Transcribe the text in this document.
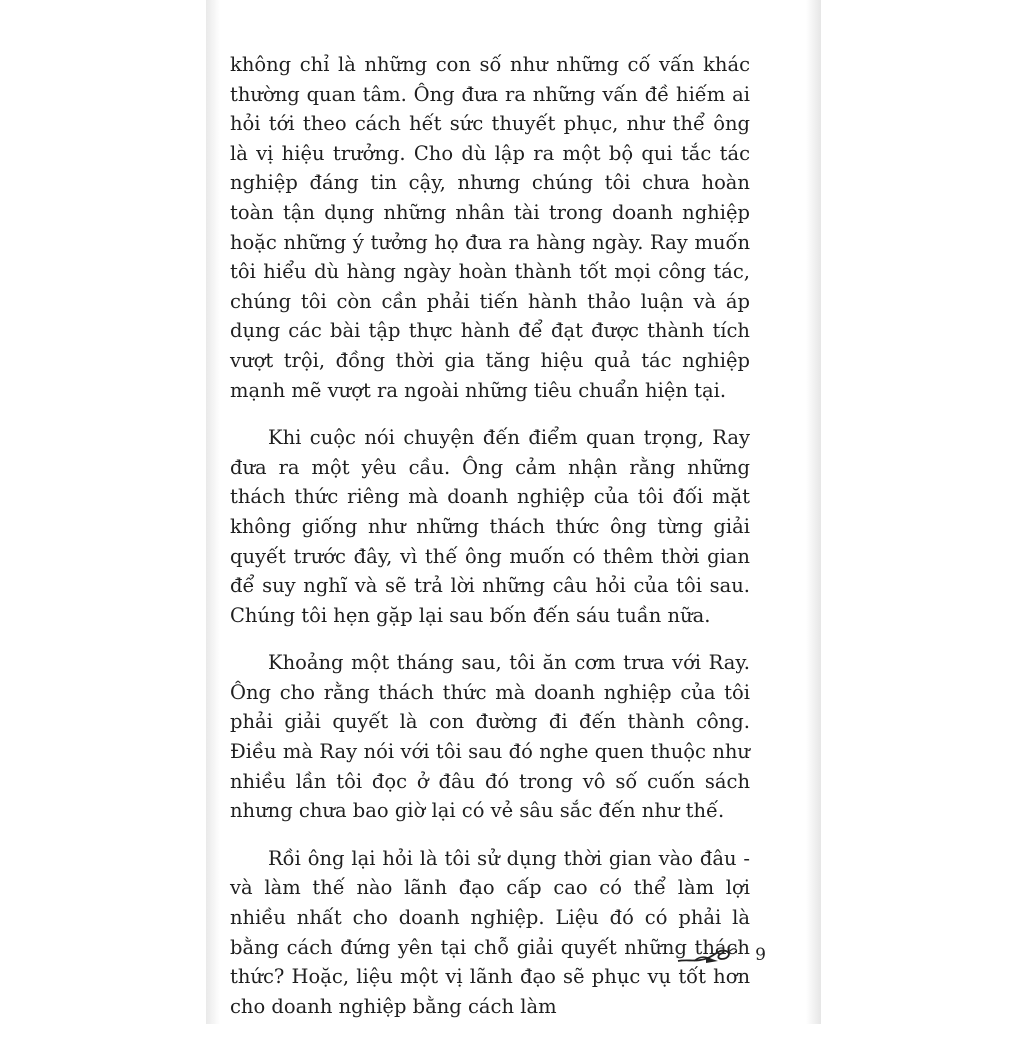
không chỉ là những con số như những cố vấn khác thường quan tâm. Ông đưa ra những vấn đề hiếm ai hỏi tới theo cách hết sức thuyết phục, như thể ông là vị hiệu trưởng. Cho dù lập ra một bộ qui tắc tác nghiệp đáng tin cậy, nhưng chúng tôi chưa hoàn toàn tận dụng những nhân tài trong doanh nghiệp hoặc những ý tưởng họ đưa ra hàng ngày. Ray muốn tôi hiểu dù hàng ngày hoàn thành tốt mọi công tác, chúng tôi còn cần phải tiến hành thảo luận và áp dụng các bài tập thực hành để đạt được thành tích vượt trội, đồng thời gia tăng hiệu quả tác nghiệp mạnh mẽ vượt ra ngoài những tiêu chuẩn hiện tại.

Khi cuộc nói chuyện đến điểm quan trọng, Ray đưa ra một yêu cầu. Ông cảm nhận rằng những thách thức riêng mà doanh nghiệp của tôi đối mặt không giống như những thách thức ông từng giải quyết trước đây, vì thế ông muốn có thêm thời gian để suy nghĩ và sẽ trả lời những câu hỏi của tôi sau. Chúng tôi hẹn gặp lại sau bốn đến sáu tuần nữa.

Khoảng một tháng sau, tôi ăn cơm trưa với Ray. Ông cho rằng thách thức mà doanh nghiệp của tôi phải giải quyết là con đường đi đến thành công. Điều mà Ray nói với tôi sau đó nghe quen thuộc như nhiều lần tôi đọc ở đâu đó trong vô số cuốn sách nhưng chưa bao giờ lại có vẻ sâu sắc đến như thế.

Rồi ông lại hỏi là tôi sử dụng thời gian vào đâu - và làm thế nào lãnh đạo cấp cao có thể làm lợi nhiều nhất cho doanh nghiệp. Liệu đó có phải là bằng cách đứng yên tại chỗ giải quyết những thách thức? Hoặc, liệu một vị lãnh đạo sẽ phục vụ tốt hơn cho doanh nghiệp bằng cách làm

9
